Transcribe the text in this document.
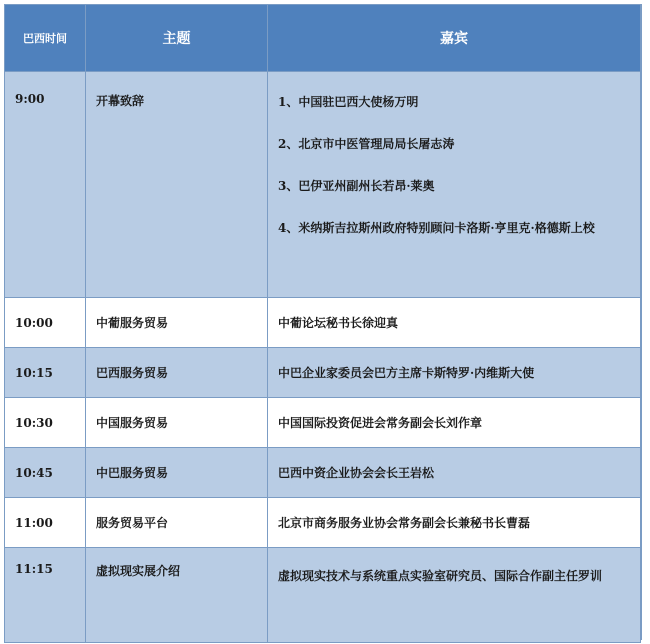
巴西时间	主题	嘉宾
9:00	开幕致辞	1、中国驻巴西大使杨万明
2、北京市中医管理局局长屠志涛
3、巴伊亚州副州长若昂·莱奥
4、米纳斯吉拉斯州政府特别顾问卡洛斯·亨里克·格德斯上校

10:00	中葡服务贸易	中葡论坛秘书长徐迎真
10:15	巴西服务贸易	中巴企业家委员会巴方主席卡斯特罗·内维斯大使
10:30	中国服务贸易	中国国际投资促进会常务副会长刘作章
10:45	中巴服务贸易	巴西中资企业协会会长王岩松
11:00	服务贸易平台	北京市商务服务业协会常务副会长兼秘书长曹磊
11:15	虚拟现实展介绍	虚拟现实技术与系统重点实验室研究员、国际合作副主任罗训
